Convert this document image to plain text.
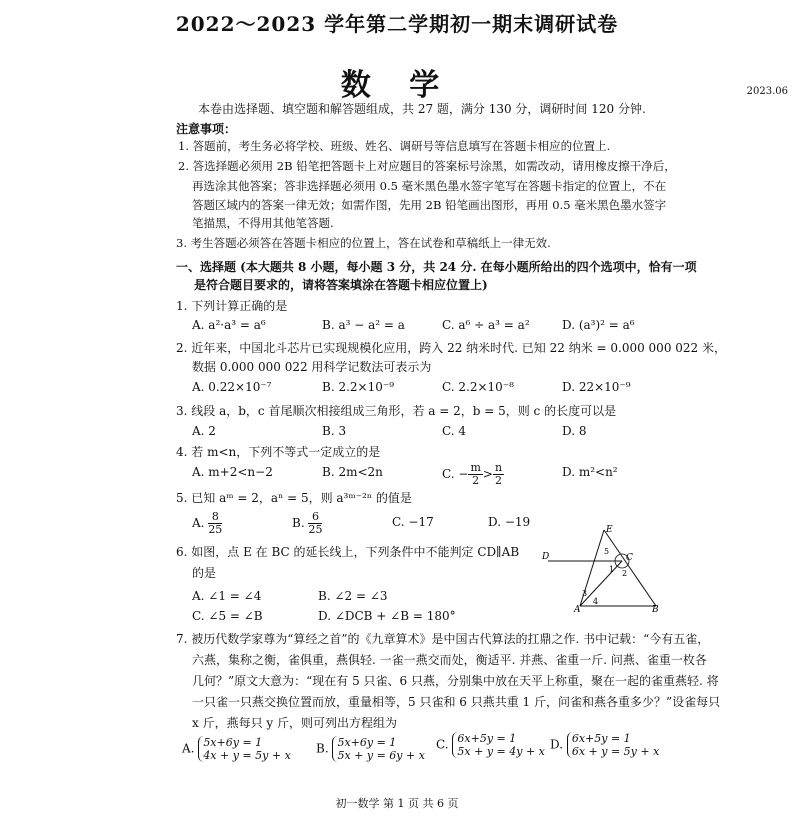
2022～2023 学年第二学期初一期末调研试卷
数 学	2023.06
本卷由选择题、填空题和解答题组成，共 27 题，满分 130 分，调研时间 120 分钟.
注意事项：
1. 答题前，考生务必将学校、班级、姓名、调研号等信息填写在答题卡相应的位置上.
2. 答选择题必须用 2B 铅笔把答题卡上对应题目的答案标号涂黑，如需改动，请用橡皮擦干净后，
再选涂其他答案；答非选择题必须用 0.5 毫米黑色墨水签字笔写在答题卡指定的位置上，不在
答题区域内的答案一律无效；如需作图，先用 2B 铅笔画出图形，再用 0.5 毫米黑色墨水签字
笔描黑，不得用其他笔答题.
3. 考生答题必须答在答题卡相应的位置上，答在试卷和草稿纸上一律无效.
一、选择题 (本大题共 8 小题，每小题 3 分，共 24 分. 在每小题所给出的四个选项中，恰有一项
是符合题目要求的，请将答案填涂在答题卡相应位置上)
1. 下列计算正确的是
A. a²·a³ = a⁶	B. a³ − a² = a	C. a⁶ ÷ a³ = a²	D. (a³)² = a⁶
2. 近年来，中国北斗芯片已实现规模化应用，跨入 22 纳米时代. 已知 22 纳米 = 0.000 000 022 米，
数据 0.000 000 022 用科学记数法可表示为
A. 0.22×10⁻⁷	B. 2.2×10⁻⁹	C. 2.2×10⁻⁸	D. 22×10⁻⁹
3. 线段 a，b，c 首尾顺次相接组成三角形，若 a = 2，b = 5，则 c 的长度可以是
A. 2	B. 3	C. 4	D. 8
4. 若 m<n，下列不等式一定成立的是
A. m+2<n−2	B. 2m<2n	C. − $\frac{m}{2} > \frac{n}{2}$	D. m²<n²
5. 已知 aᵐ = 2，aⁿ = 5，则 a³ᵐ⁻²ⁿ 的值是
A. $\frac{8}{25}$	B. $\frac{6}{25}$	C. −17	D. −19
6. 如图，点 E 在 BC 的延长线上，下列条件中不能判定 CD∥AB
的是
A. ∠1 = ∠4	B. ∠2 = ∠3
C. ∠5 = ∠B	D. ∠DCB + ∠B = 180°
E
D	C
A	B
1 2
3
4
5
7. 被历代数学家尊为“算经之首”的《九章算术》是中国古代算法的扛鼎之作. 书中记载：“今有五雀，
六燕，集称之衡，雀俱重，燕俱轻. 一雀一燕交而处，衡适平. 并燕、雀重一斤. 问燕、雀重一枚各
几何？”原文大意为：“现在有 5 只雀、6 只燕，分别集中放在天平上称重，聚在一起的雀重燕轻. 将
一只雀一只燕交换位置而放，重量相等，5 只雀和 6 只燕共重 1 斤，问雀和燕各重多少？”设雀每只
x 斤，燕每只 y 斤，则可列出方程组为
A. 5x+6y = 1
4x + y = 5y + x B. 5x+6y = 1
5x + y = 6y + x
C. 6x+5y = 1
5x + y = 4y + x D. 6x+5y = 1
6x + y = 5y + x
初一数学 第 1 页 共 6 页
